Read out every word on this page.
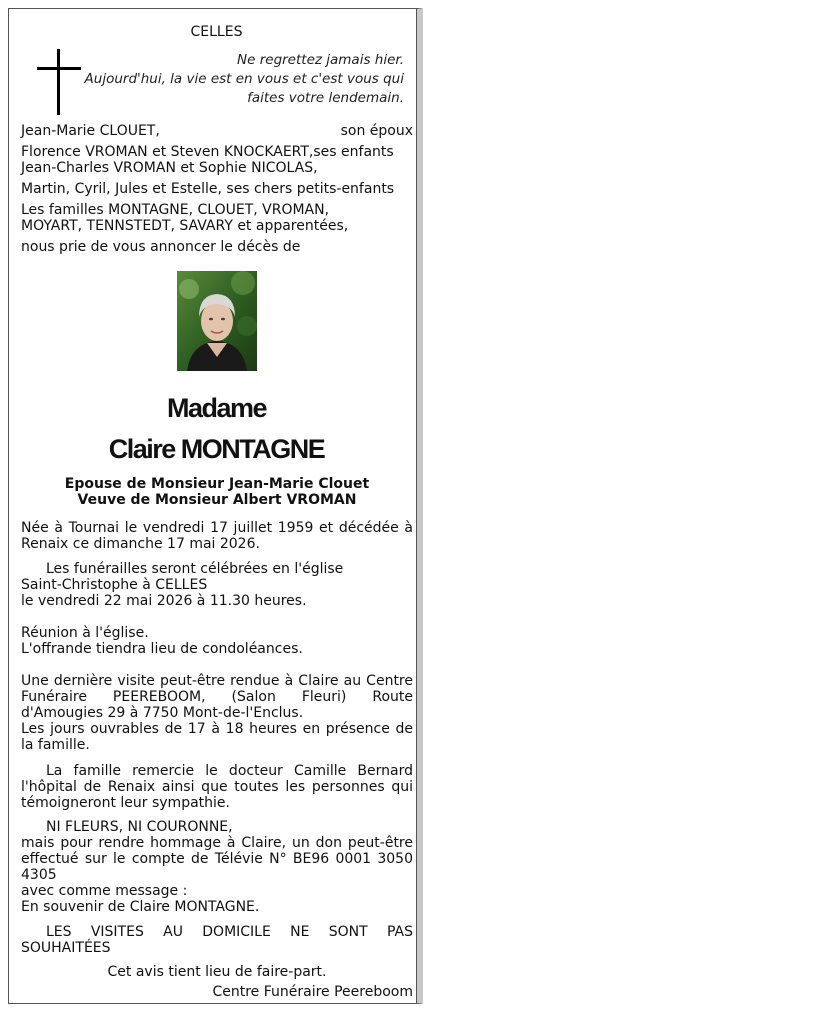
CELLES
Ne regrettez jamais hier.
Aujourd'hui, la vie est en vous et c'est vous qui
faites votre lendemain.
Jean-Marie CLOUET,	son époux
Florence VROMAN et Steven KNOCKAERT,ses enfants
Jean-Charles VROMAN et Sophie NICOLAS,
Martin, Cyril, Jules et Estelle, ses chers petits-enfants
Les familles MONTAGNE, CLOUET, VROMAN,
MOYART, TENNSTEDT, SAVARY et apparentées,
nous prie de vous annoncer le décès de
Madame
Claire MONTAGNE
Epouse de Monsieur Jean-Marie Clouet
Veuve de Monsieur Albert VROMAN
Née à Tournai le vendredi 17 juillet 1959 et décédée à Renaix ce dimanche 17 mai 2026.
Les funérailles seront célébrées en l'église
Saint-Christophe à CELLES
le vendredi 22 mai 2026 à 11.30 heures.
Réunion à l'église.
L'offrande tiendra lieu de condoléances.
Une dernière visite peut-être rendue à Claire au Centre Funéraire PEEREBOOM, (Salon Fleuri) Route d'Amougies 29 à 7750 Mont-de-l'Enclus.
Les jours ouvrables de 17 à 18 heures en présence de la famille.
La famille remercie le docteur Camille Bernard l'hôpital de Renaix ainsi que toutes les personnes qui témoigneront leur sympathie.
NI FLEURS, NI COURONNE,
mais pour rendre hommage à Claire, un don peut-être effectué sur le compte de Télévie N° BE96 0001 3050 4305
avec comme message :
En souvenir de Claire MONTAGNE.
LES VISITES AU DOMICILE NE SONT PAS SOUHAITÉES
Cet avis tient lieu de faire-part.
Centre Funéraire Peereboom
